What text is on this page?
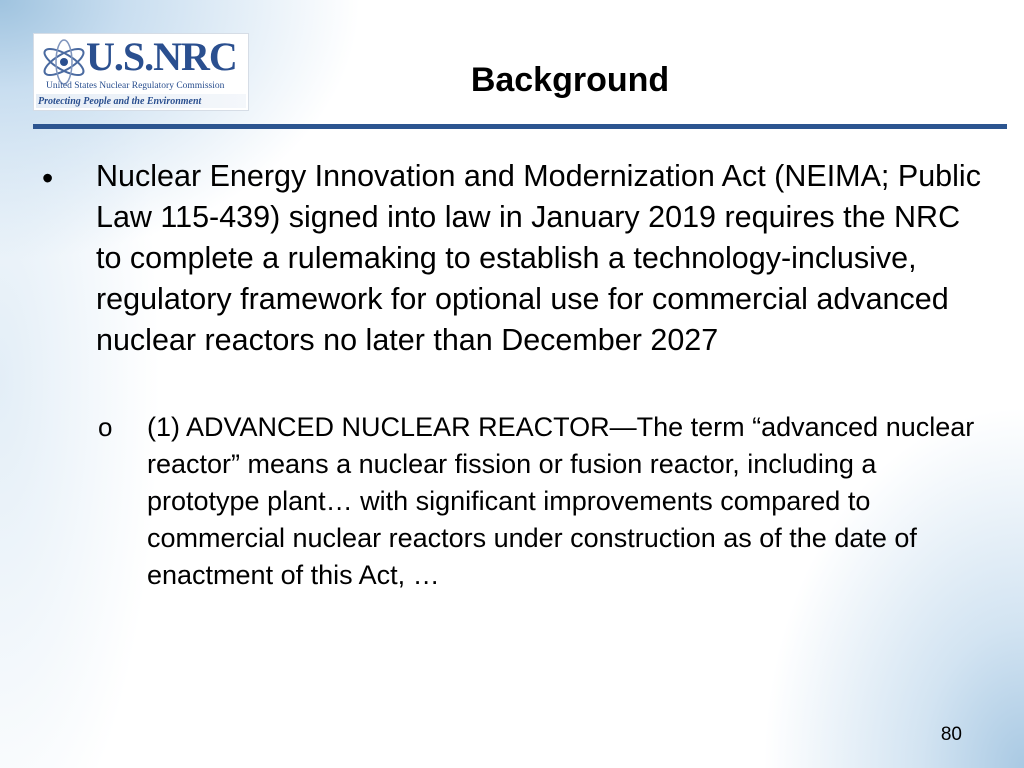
U.S.NRC
United States Nuclear Regulatory Commission
Protecting People and the Environment
Background
• Nuclear Energy Innovation and Modernization Act (NEIMA; Public Law 115-439) signed into law in January 2019 requires the NRC to complete a rulemaking to establish a technology-inclusive, regulatory framework for optional use for commercial advanced nuclear reactors no later than December 2027
o (1) ADVANCED NUCLEAR REACTOR—The term “advanced nuclear reactor” means a nuclear fission or fusion reactor, including a prototype plant… with significant improvements compared to commercial nuclear reactors under construction as of the date of enactment of this Act, …
80
